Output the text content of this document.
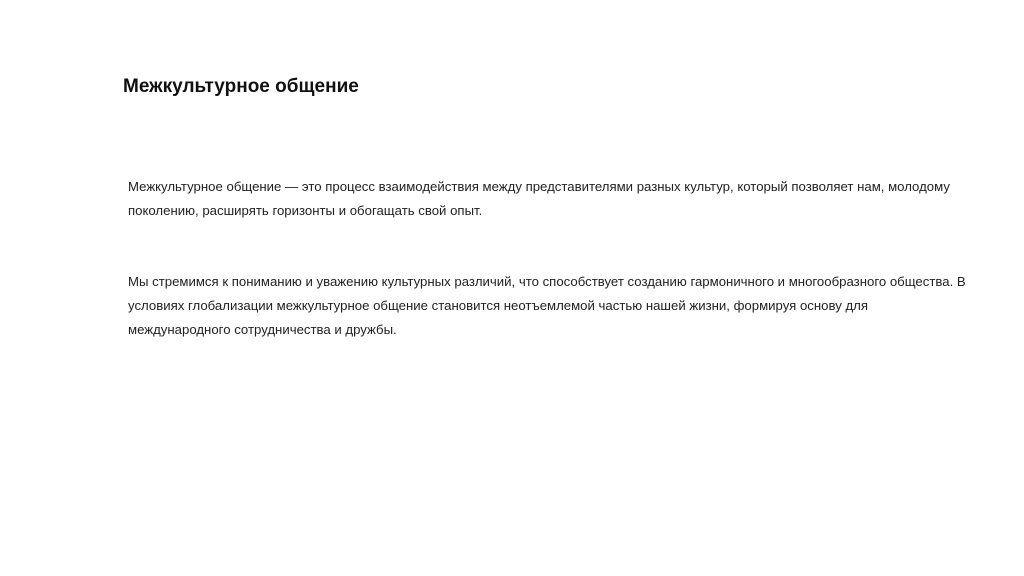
Межкультурное общение

Межкультурное общение — это процесс взаимодействия между представителями разных культур, который позволяет нам, молодому поколению, расширять горизонты и обогащать свой опыт.

Мы стремимся к пониманию и уважению культурных различий, что способствует созданию гармоничного и многообразного общества. В условиях глобализации межкультурное общение становится неотъемлемой частью нашей жизни, формируя основу для международного сотрудничества и дружбы.
